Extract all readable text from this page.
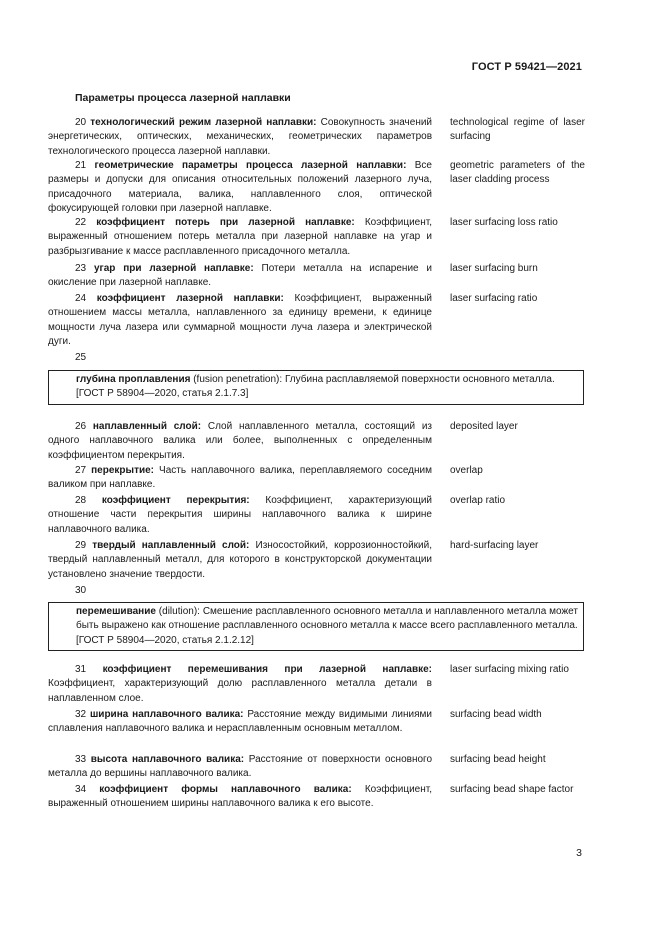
ГОСТ Р 59421—2021
Параметры процесса лазерной наплавки
20 технологический режим лазерной наплавки: Совокупность значений энергетических, оптических, механических, геометрических параметров технологического процесса лазерной наплавки.
technological regime of laser surfacing
21 геометрические параметры процесса лазерной наплавки: Все размеры и допуски для описания относительных положений лазерного луча, присадочного материала, валика, наплавленного слоя, оптической фокусирующей головки при лазерной наплавке.
geometric parameters of the laser cladding process
22 коэффициент потерь при лазерной наплавке: Коэффициент, выраженный отношением потерь металла при лазерной наплавке на угар и разбрызгивание к массе расплавленного присадочного металла.
laser surfacing loss ratio
23 угар при лазерной наплавке: Потери металла на испарение и окисление при лазерной наплавке.
laser surfacing burn
24 коэффициент лазерной наплавки: Коэффициент, выраженный отношением массы металла, наплавленного за единицу времени, к единице мощности луча лазера или суммарной мощности луча лазера и электрической дуги.
laser surfacing ratio
25
глубина проплавления (fusion penetration): Глубина расплавляемой поверхности основного металла.
[ГОСТ Р 58904—2020, статья 2.1.7.3]
26 наплавленный слой: Слой наплавленного металла, состоящий из одного наплавочного валика или более, выполненных с определенным коэффициентом перекрытия.
deposited layer
27 перекрытие: Часть наплавочного валика, переплавляемого соседним валиком при наплавке.
overlap
28 коэффициент перекрытия: Коэффициент, характеризующий отношение части перекрытия ширины наплавочного валика к ширине наплавочного валика.
overlap ratio
29 твердый наплавленный слой: Износостойкий, коррозионностойкий, твердый наплавленный металл, для которого в конструкторской документации установлено значение твердости.
hard-surfacing layer
30
перемешивание (dilution): Смешение расплавленного основного металла и наплавленного металла может быть выражено как отношение расплавленного основного металла к массе всего расплавленного металла.
[ГОСТ Р 58904—2020, статья 2.1.2.12]
31 коэффициент перемешивания при лазерной наплавке: Коэффициент, характеризующий долю расплавленного металла детали в наплавленном слое.
laser surfacing mixing ratio
32 ширина наплавочного валика: Расстояние между видимыми линиями сплавления наплавочного валика и нерасплавленным основным металлом.
surfacing bead width
33 высота наплавочного валика: Расстояние от поверхности основного металла до вершины наплавочного валика.
surfacing bead height
34 коэффициент формы наплавочного валика: Коэффициент, выраженный отношением ширины наплавочного валика к его высоте.
surfacing bead shape factor
3
